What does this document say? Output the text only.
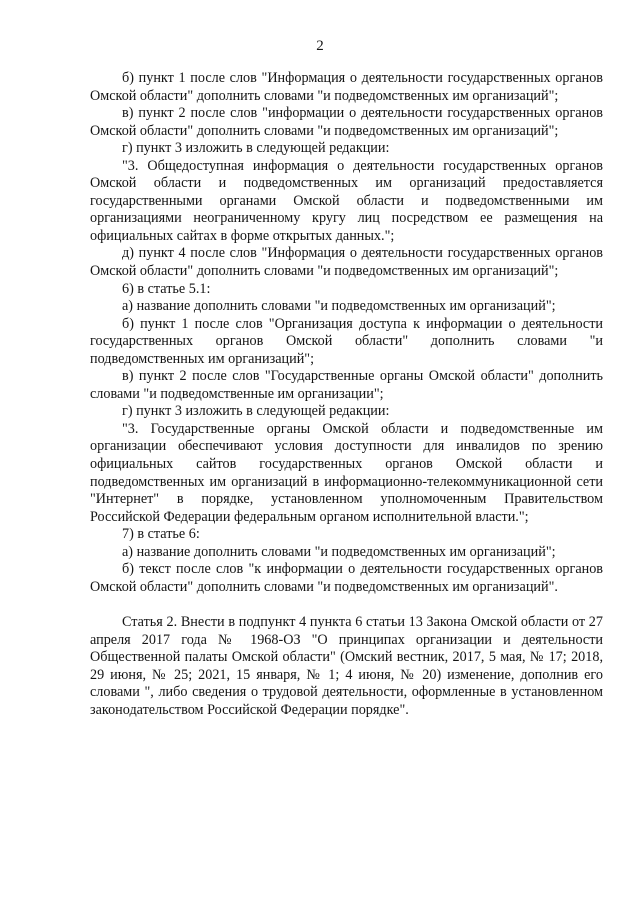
2

б) пункт 1 после слов "Информация о деятельности государственных органов Омской области" дополнить словами "и подведомственных им организаций";

в) пункт 2 после слов "информации о деятельности государственных органов Омской области" дополнить словами "и подведомственных им организаций";

г) пункт 3 изложить в следующей редакции:

"3. Общедоступная информация о деятельности государственных органов Омской области и подведомственных им организаций предоставляется государственными органами Омской области и подведомственными им организациями неограниченному кругу лиц посредством ее размещения на официальных сайтах в форме открытых данных.";

д) пункт 4 после слов "Информация о деятельности государственных органов Омской области" дополнить словами "и подведомственных им организаций";

6) в статье 5.1:

а) название дополнить словами "и подведомственных им организаций";

б) пункт 1 после слов "Организация доступа к информации о деятельности государственных органов Омской области" дополнить словами "и подведомственных им организаций";

в) пункт 2 после слов "Государственные органы Омской области" дополнить словами "и подведомственные им организации";

г) пункт 3 изложить в следующей редакции:

"3. Государственные органы Омской области и подведомственные им организации обеспечивают условия доступности для инвалидов по зрению официальных сайтов государственных органов Омской области и подведомственных им организаций в информационно-телекоммуникационной сети "Интернет" в порядке, установленном уполномоченным Правительством Российской Федерации федеральным органом исполнительной власти.";

7) в статье 6:

а) название дополнить словами "и подведомственных им организаций";

б) текст после слов "к информации о деятельности государственных органов Омской области" дополнить словами "и подведомственных им организаций".

Статья 2. Внести в подпункт 4 пункта 6 статьи 13 Закона Омской области от 27 апреля 2017 года № 1968-ОЗ "О принципах организации и деятельности Общественной палаты Омской области" (Омский вестник, 2017, 5 мая, № 17; 2018, 29 июня, № 25; 2021, 15 января, № 1; 4 июня, № 20) изменение, дополнив его словами ", либо сведения о трудовой деятельности, оформленные в установленном законодательством Российской Федерации порядке".
